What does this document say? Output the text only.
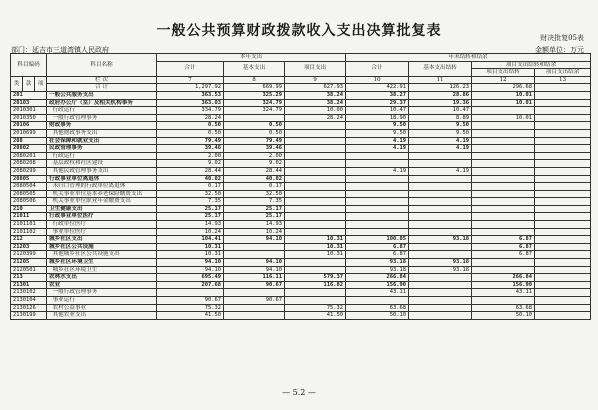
一般公共预算财政拨款收入支出决算批复表	财决批复05表
部门：延吉市三道湾镇人民政府	金额单位：万元
科目编码			科目名称	本年支出			年末结转和结余			
				合计	基本支出	项目支出	合计	基本支出结转	项目支出结转和结余	
									项目支出结转	项目支出结余
类	款	项	栏 次	7	8	9	10	11	12	13
			合 计	1,297.92	669.99	627.93	422.91	126.23	296.68	
201			一般公共服务支出	363.53	325.29	38.24	38.27	28.86	10.01	
20103			政府办公厅（室）及相关机构事务	363.03	324.79	38.24	29.37	19.36	10.01	
2010301			行政运行	334.79	324.79	10.00	10.47	10.47		
2010350			一般行政管理事务	28.24		28.24	18.90	8.89	10.01	
20106			财政事务	0.50	0.50		9.50	9.50		
2010699			其他财政事务支出	0.50	0.50		9.50	9.50		
208			社会保障和就业支出	79.49	79.49		4.19	4.19		
20802			民政管理事务	39.46	39.46		4.19	4.19		
2080201			行政运行	2.00	2.00					
2080208			基层政权和社区建设	9.02	9.02					
2080299			其他民政管理事务支出	28.44	28.44		4.19	4.19		
20805			行政事业单位离退休	40.02	40.02					
2080504			未归口管理的行政单位离退休	0.17	0.17					
2080505			机关事业单位基本养老保险缴费支出	32.50	32.50					
2080506			机关事业单位职业年金缴费支出	7.35	7.35					
210			卫生健康支出	25.17	25.17					
21011			行政事业单位医疗	25.17	25.17					
2101101			行政单位医疗	14.93	14.93					
2101102			事业单位医疗	10.24	10.24					
212			城乡社区支出	104.41	94.10	10.31	100.05	93.18	6.87	
21203			城乡社区公共设施	10.31		10.31	6.87		6.87	
2120399			其他城乡社区公共设施支出	10.31		10.31	6.87		6.87	
21205			城乡社区环境卫生	94.10	94.10		93.18	93.18		
2120501			城乡社区环境卫生	94.10	94.10		93.18	93.18		
213			农林水支出	695.49	116.11	579.37	266.84		266.84	
21301			农业	207.68	90.67	116.82	156.90		156.90	
2130102			一般行政管理事务				43.11		43.11	
2130104			事业运行	90.67	90.67					
2130126			农村公益事业	75.32		75.32	63.68		63.68	
2130199			其他农业支出	41.50		41.50	50.10		50.10	
— 5.2 —
